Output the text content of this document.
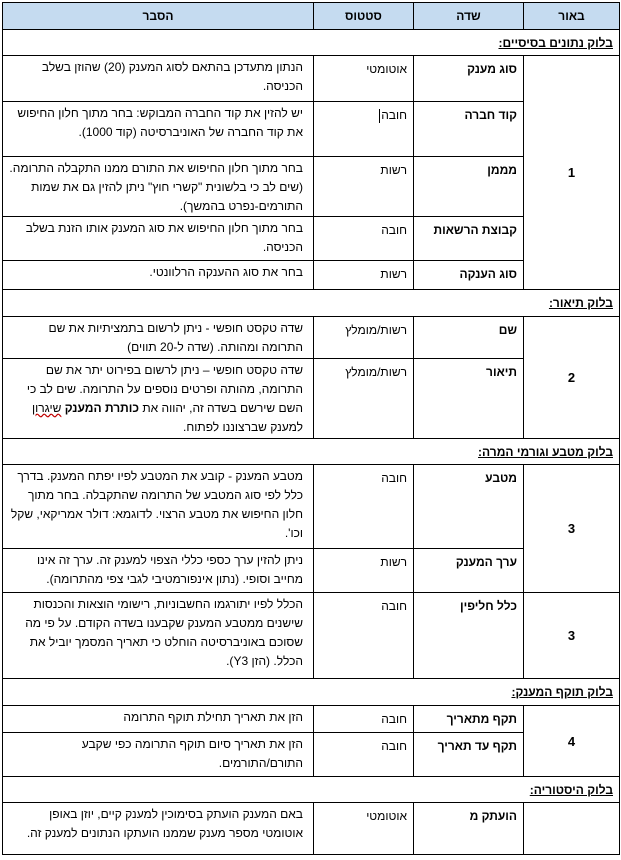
באור	שדה	סטטוס	הסבר
בלוק נתונים בסיסיים:			
1	סוג מענק	אוטומטי	הנתון מתעדכן בהתאם לסוג המענק (20) שהוזן בשלב הכניסה.
	קוד חברה	חובה	יש להזין את קוד החברה המבוקש: בחר מתוך חלון החיפוש את קוד החברה של האוניברסיטה (קוד 1000).
	מממן	רשות	בחר מתוך חלון החיפוש את התורם ממנו התקבלה התרומה. (שים לב כי בלשונית "קשרי חוץ" ניתן להזין גם את שמות התורמים-נפרט בהמשך).
	קבוצת הרשאות	חובה	בחר מתוך חלון החיפוש את סוג המענק אותו הזנת בשלב הכניסה.
	סוג הענקה	רשות	בחר את סוג ההענקה הרלוונטי.
בלוק תיאור:			
2	שם	רשות/מומלץ	שדה טקסט חופשי - ניתן לרשום בתמציתיות את שם התרומה ומהותה. (שדה ל-20 תווים)
	תיאור	רשות/מומלץ	שדה טקסט חופשי – ניתן לרשום בפירוט יתר את שם התרומה, מהותה ופרטים נוספים על התרומה. שים לב כי השם שירשם בשדה זה, יהווה את כותרת המענק שיגרון למענק שברצוננו לפתוח.
בלוק מטבע וגורמי המרה:			
3	מטבע	חובה	מטבע המענק - קובע את המטבע לפיו יפתח המענק. בדרך כלל לפי סוג המטבע של התרומה שהתקבלה. בחר מתוך חלון החיפוש את מטבע הרצוי. לדוגמא: דולר אמריקאי, שקל וכו'.
	ערך המענק	רשות	ניתן להזין ערך כספי כללי הצפוי למענק זה. ערך זה אינו מחייב וסופי. (נתון אינפורמטיבי לגבי צפי מהתרומה).
3	כלל חליפין	חובה	הכלל לפיו יתורגמו החשבוניות, רישומי הוצאות והכנסות שישנים ממטבע המענק שקבענו בשדה הקודם. על פי מה שסוכם באוניברסיטה הוחלט כי תאריך המסמך יוביל את הכלל. (הזן Y3).
בלוק תוקף המענק:			
4	תקף מתאריך	חובה	הזן את תאריך תחילת תוקף התרומה
	תקף עד תאריך	חובה	הזן את תאריך סיום תוקף התרומה כפי שקבע התורם/התורמים.
בלוק היסטוריה:			
	הועתק מ	אוטומטי	באם המענק הועתק בסימוכין למענק קיים, יוזן באופן אוטומטי מספר מענק שממנו הועתקו הנתונים למענק זה.
